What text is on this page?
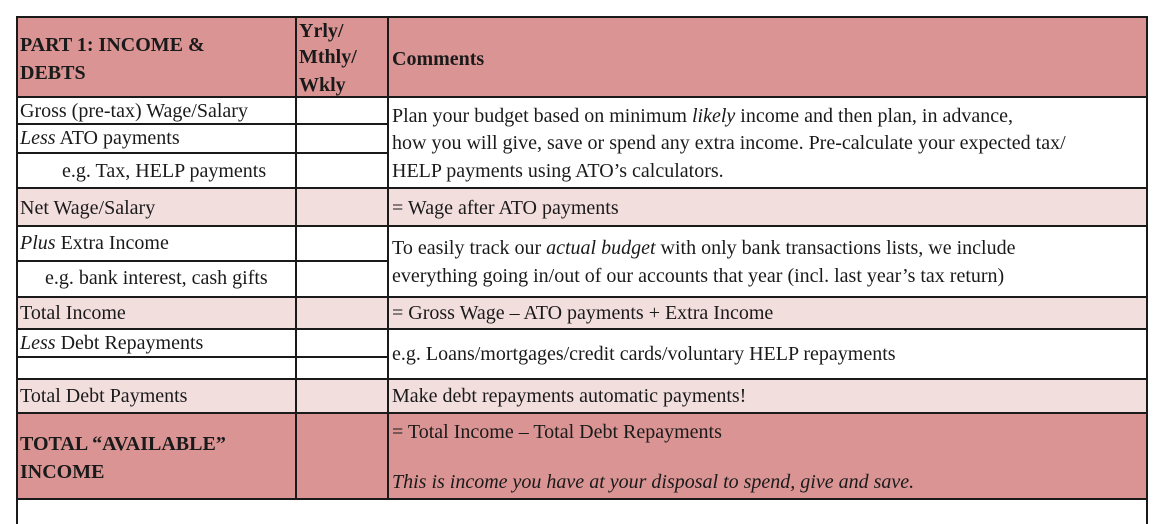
PART 1: INCOME &
DEBTS
Yrly/
Mthly/
Wkly
Comments
Gross (pre-tax) Wage/Salary
Less ATO payments
e.g. Tax, HELP payments
Net Wage/Salary
Plus Extra Income
e.g. bank interest, cash gifts
Total Income
Less Debt Repayments
Total Debt Payments
TOTAL “AVAILABLE”
INCOME
Plan your budget based on minimum likely income and then plan, in advance,
how you will give, save or spend any extra income. Pre-calculate your expected tax/
HELP payments using ATO’s calculators.
= Wage after ATO payments
To easily track our actual budget with only bank transactions lists, we include
everything going in/out of our accounts that year (incl. last year’s tax return)
= Gross Wage – ATO payments + Extra Income
e.g. Loans/mortgages/credit cards/voluntary HELP repayments
Make debt repayments automatic payments!
= Total Income – Total Debt Repayments
This is income you have at your disposal to spend, give and save.
